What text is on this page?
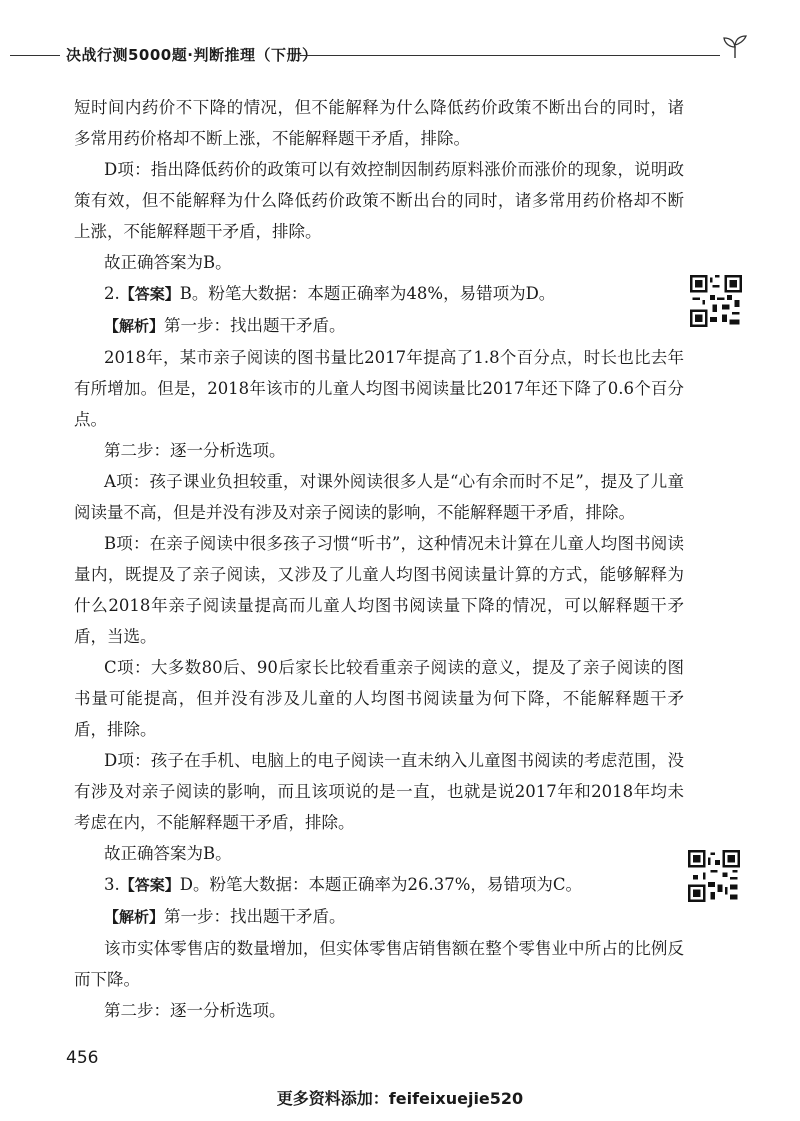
决战行测5000题·判断推理（下册）

短时间内药价不下降的情况，但不能解释为什么降低药价政策不断出台的同时，诸多常用药价格却不断上涨，不能解释题干矛盾，排除。

D项：指出降低药价的政策可以有效控制因制药原料涨价而涨价的现象，说明政策有效，但不能解释为什么降低药价政策不断出台的同时，诸多常用药价格却不断上涨，不能解释题干矛盾，排除。

故正确答案为B。

2.【答案】B。粉笔大数据：本题正确率为48%，易错项为D。

【解析】第一步：找出题干矛盾。

2018年，某市亲子阅读的图书量比2017年提高了1.8个百分点，时长也比去年有所增加。但是，2018年该市的儿童人均图书阅读量比2017年还下降了0.6个百分点。

第二步：逐一分析选项。

A项：孩子课业负担较重，对课外阅读很多人是“心有余而时不足”，提及了儿童阅读量不高，但是并没有涉及对亲子阅读的影响，不能解释题干矛盾，排除。

B项：在亲子阅读中很多孩子习惯“听书”，这种情况未计算在儿童人均图书阅读量内，既提及了亲子阅读，又涉及了儿童人均图书阅读量计算的方式，能够解释为什么2018年亲子阅读量提高而儿童人均图书阅读量下降的情况，可以解释题干矛盾，当选。

C项：大多数80后、90后家长比较看重亲子阅读的意义，提及了亲子阅读的图书量可能提高，但并没有涉及儿童的人均图书阅读量为何下降，不能解释题干矛盾，排除。

D项：孩子在手机、电脑上的电子阅读一直未纳入儿童图书阅读的考虑范围，没有涉及对亲子阅读的影响，而且该项说的是一直，也就是说2017年和2018年均未考虑在内，不能解释题干矛盾，排除。

故正确答案为B。

3.【答案】D。粉笔大数据：本题正确率为26.37%，易错项为C。

【解析】第一步：找出题干矛盾。

该市实体零售店的数量增加，但实体零售店销售额在整个零售业中所占的比例反而下降。

第二步：逐一分析选项。

456
更多资料添加：feifeixuejie520
